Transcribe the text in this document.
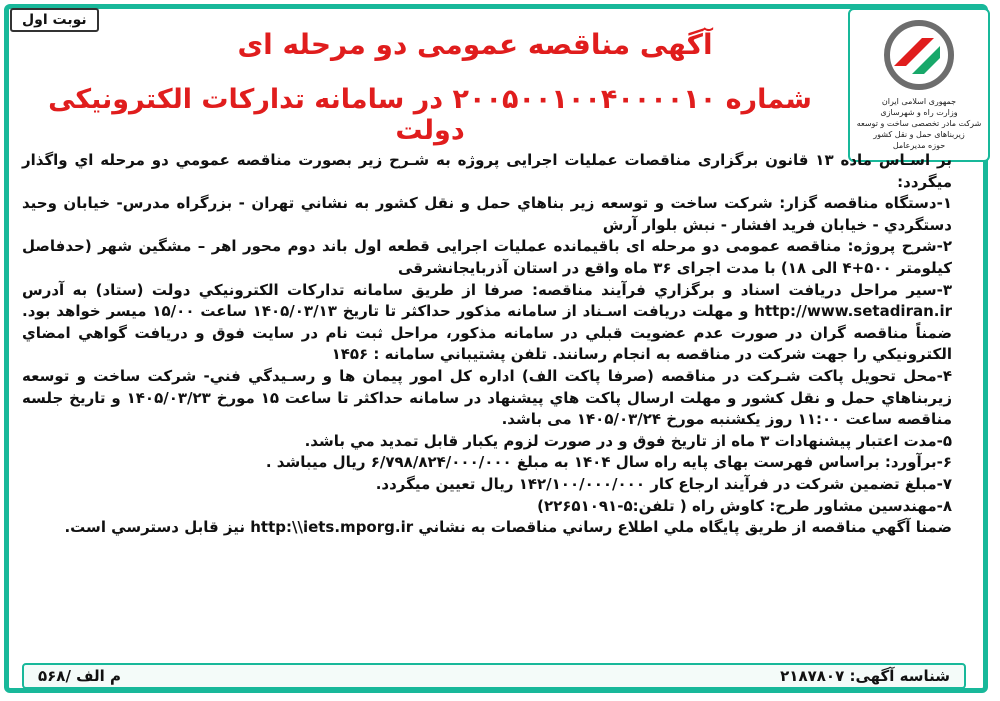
نوبت اول
جمهوری اسلامی ایران
وزارت راه و شهرسازی
شرکت مادر تخصصی ساخت و توسعه زیربناهای حمل و نقل کشور
حوزه مدیرعامل
آگهی مناقصه عمومی دو مرحله ای
شماره ۲۰۰۵۰۰۱۰۰۴۰۰۰۰۱۰ در سامانه تدارکات الکترونیکی دولت

بر اسـاس ماده ۱۳ قانون برگزاری مناقصات عملیات اجرایی پروژه به شـرح زیر بصورت مناقصه عمومي دو مرحله اي واگذار ميگردد:

۱-دستگاه مناقصه گزار: شرکت ساخت و توسعه زیر بناهاي حمل و نقل کشور به نشاني تهران - بزرگراه مدرس- خیابان وحید دستگردي - خیابان فرید افشار - نبش بلوار آرش

۲-شرح پروژه: مناقصه عمومی دو مرحله ای باقیمانده عملیات اجرایی قطعه اول باند دوم محور اهر – مشگین شهر (حدفاصل کیلومتر ۵۰۰+۴ الی ۱۸) با مدت اجرای ۳۶ ماه واقع در استان آذربایجانشرقی

۳-سیر مراحل دریافت اسناد و برگزاري فرآيند مناقصه: صرفا از طريق سامانه تداركات الكترونيكي دولت (ستاد) به آدرس http://www.setadiran.ir و مهلت دریافت اسـناد از سامانه مذکور حداکثر تا تاریخ ۱۴۰۵/۰۳/۱۳ ساعت ۱۵/۰۰ میسر خواهد بود. ضمناً مناقصه گران در صورت عدم عضویت قبلي در سامانه مذکور، مراحل ثبت نام در سایت فوق و دریافت گواهي امضاي الکترونیکي را جهت شرکت در مناقصه به انجام رسانند. تلفن پشتیباني سامانه : ۱۴۵۶

۴-محل تحویل پاکت شـرکت در مناقصه (صرفا پاکت الف) اداره کل امور پیمان ها و رسـیدگي فني- شرکت ساخت و توسعه زيربناهاي حمل و نقل کشور و مهلت ارسال پاکت هاي پيشنهاد در سامانه حداکثر تا ساعت ۱۵ مورخ ۱۴۰۵/۰۳/۲۳ و تاریخ جلسه مناقصه ساعت ۱۱:۰۰ روز یکشنبه مورخ ۱۴۰۵/۰۳/۲۴ می باشد.

۵-مدت اعتبار پیشنهادات ۳ ماه از تاریخ فوق و در صورت لزوم یکبار قابل تمدید مي باشد.

۶-برآورد: براساس فهرست بهای پایه راه سال ۱۴۰۴ به مبلغ ۶/۷۹۸/۸۲۴/۰۰۰/۰۰۰ ریال میباشد .

۷-مبلغ تضمین شرکت در فرآیند ارجاع کار ۱۴۲/۱۰۰/۰۰۰/۰۰۰ ریال تعیین میگردد.

۸-مهندسین مشاور طرح: کاوش راه ( تلفن:۵-۲۲۶۵۱۰۹۱)

ضمنا آگهي مناقصه از طريق پايگاه ملي اطلاع رساني مناقصات به نشاني http:\\iets.mporg.ir نيز قابل دسترسي است.

شناسه آگهی: ۲۱۸۷۸۰۷
م الف /۵۶۸
